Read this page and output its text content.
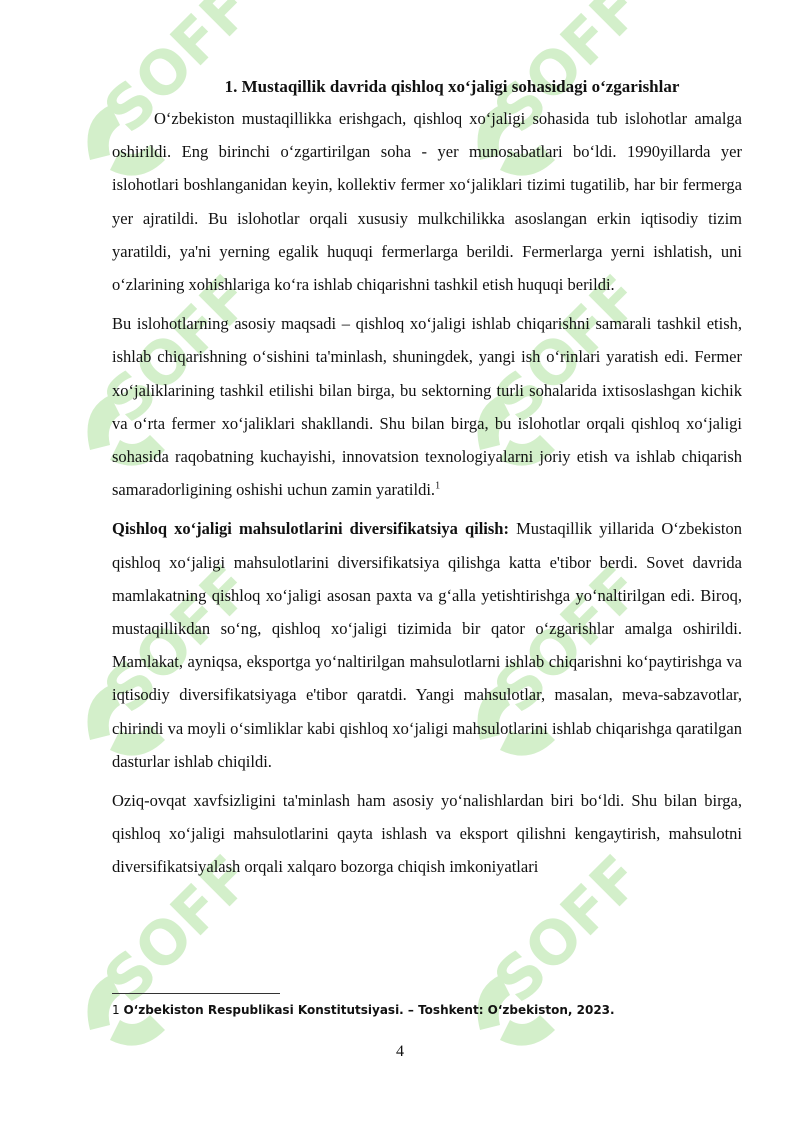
1. Mustaqillik davrida qishloq xo‘jaligi sohasidagi o‘zgarishlar

O‘zbekiston mustaqillikka erishgach, qishloq xo‘jaligi sohasida tub islohotlar amalga oshirildi. Eng birinchi o‘zgartirilgan soha - yer munosabatlari bo‘ldi. 1990yillarda yer islohotlari boshlanganidan keyin, kollektiv fermer xo‘jaliklari tizimi tugatilib, har bir fermerga yer ajratildi. Bu islohotlar orqali xususiy mulkchilikka asoslangan erkin iqtisodiy tizim yaratildi, ya'ni yerning egalik huquqi fermerlarga berildi. Fermerlarga yerni ishlatish, uni o‘zlarining xohishlariga ko‘ra ishlab chiqarishni tashkil etish huquqi berildi.

Bu islohotlarning asosiy maqsadi – qishloq xo‘jaligi ishlab chiqarishni samarali tashkil etish, ishlab chiqarishning o‘sishini ta'minlash, shuningdek, yangi ish o‘rinlari yaratish edi. Fermer xo‘jaliklarining tashkil etilishi bilan birga, bu sektorning turli sohalarida ixtisoslashgan kichik va o‘rta fermer xo‘jaliklari shakllandi. Shu bilan birga, bu islohotlar orqali qishloq xo‘jaligi sohasida raqobatning kuchayishi, innovatsion texnologiyalarni joriy etish va ishlab chiqarish samaradorligining oshishi uchun zamin yaratildi.$^1$

Qishloq xo‘jaligi mahsulotlarini diversifikatsiya qilish: Mustaqillik yillarida O‘zbekiston qishloq xo‘jaligi mahsulotlarini diversifikatsiya qilishga katta e'tibor berdi. Sovet davrida mamlakatning qishloq xo‘jaligi asosan paxta va g‘alla yetishtirishga yo‘naltirilgan edi. Biroq, mustaqillikdan so‘ng, qishloq xo‘jaligi tizimida bir qator o‘zgarishlar amalga oshirildi. Mamlakat, ayniqsa, eksportga yo‘naltirilgan mahsulotlarni ishlab chiqarishni ko‘paytirishga va iqtisodiy diversifikatsiyaga e'tibor qaratdi. Yangi mahsulotlar, masalan, meva-sabzavotlar, chirindi va moyli o‘simliklar kabi qishloq xo‘jaligi mahsulotlarini ishlab chiqarishga qaratilgan dasturlar ishlab chiqildi.

Oziq-ovqat xavfsizligini ta'minlash ham asosiy yo‘nalishlardan biri bo‘ldi. Shu bilan birga, qishloq xo‘jaligi mahsulotlarini qayta ishlash va eksport qilishni kengaytirish, mahsulotni diversifikatsiyalash orqali xalqaro bozorga chiqish imkoniyatlari

1 O‘zbekiston Respublikasi Konstitutsiyasi. – Toshkent: O‘zbekiston, 2023.
4
